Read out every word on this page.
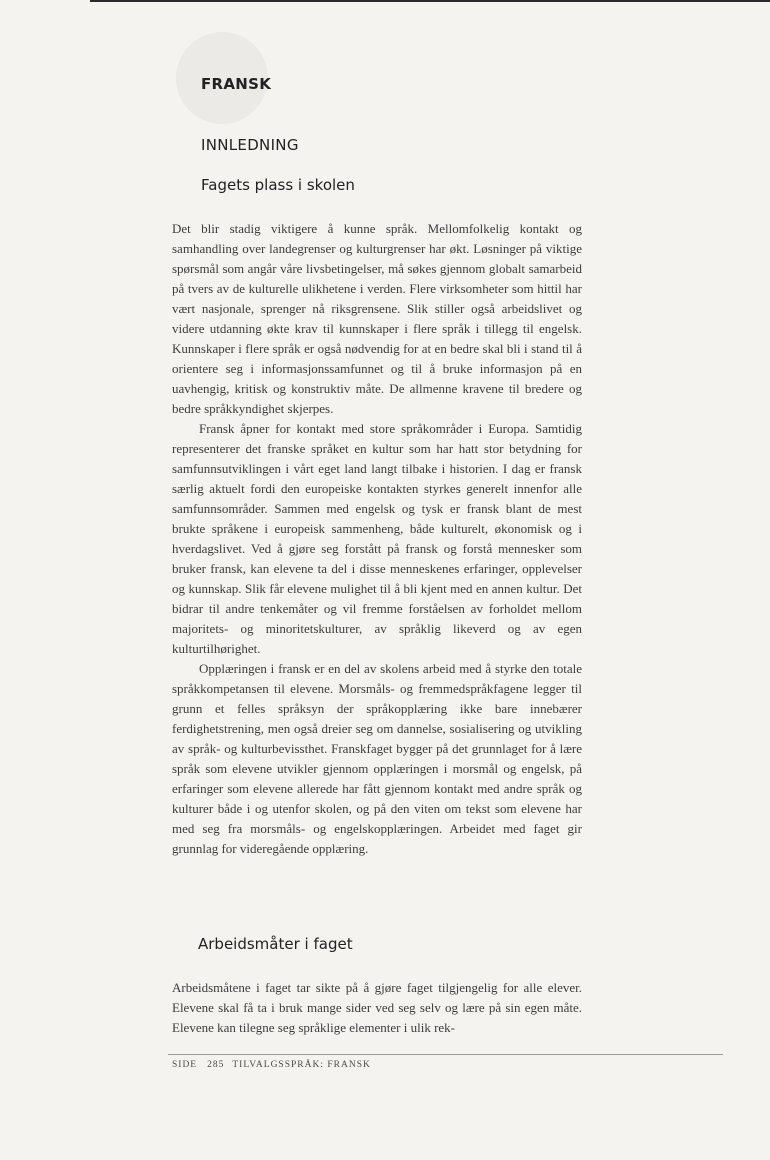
FRANSK
INNLEDNING
Fagets plass i skolen

Det blir stadig viktigere å kunne språk. Mellomfolkelig kontakt og samhandling over landegrenser og kulturgrenser har økt. Løsninger på viktige spørsmål som angår våre livsbetingelser, må søkes gjennom globalt samarbeid på tvers av de kulturelle ulikhetene i verden. Flere virksomheter som hittil har vært nasjonale, sprenger nå riksgrensene. Slik stiller også arbeidslivet og videre utdanning økte krav til kunnskaper i flere språk i tillegg til engelsk. Kunnskaper i flere språk er også nødvendig for at en bedre skal bli i stand til å orientere seg i informasjonssamfunnet og til å bruke informasjon på en uavhengig, kritisk og konstruktiv måte. De allmenne kravene til bredere og bedre språkkyndighet skjerpes.

Fransk åpner for kontakt med store språkområder i Europa. Samtidig representerer det franske språket en kultur som har hatt stor betydning for samfunnsutviklingen i vårt eget land langt tilbake i historien. I dag er fransk særlig aktuelt fordi den europeiske kontakten styrkes generelt innenfor alle samfunnsområder. Sammen med engelsk og tysk er fransk blant de mest brukte språkene i europeisk sammenheng, både kulturelt, økonomisk og i hverdagslivet. Ved å gjøre seg forstått på fransk og forstå mennesker som bruker fransk, kan elevene ta del i disse menneskenes erfaringer, opplevelser og kunnskap. Slik får elevene mulighet til å bli kjent med en annen kultur. Det bidrar til andre tenkemåter og vil fremme forståelsen av forholdet mellom majoritets- og minoritetskulturer, av språklig likeverd og av egen kulturtilhørighet.

Opplæringen i fransk er en del av skolens arbeid med å styrke den totale språkkompetansen til elevene. Morsmåls- og fremmedspråkfagene legger til grunn et felles språksyn der språkopplæring ikke bare innebærer ferdighetstrening, men også dreier seg om dannelse, sosialisering og utvikling av språk- og kulturbevissthet. Franskfaget bygger på det grunnlaget for å lære språk som elevene utvikler gjennom opplæringen i morsmål og engelsk, på erfaringer som elevene allerede har fått gjennom kontakt med andre språk og kulturer både i og utenfor skolen, og på den viten om tekst som elevene har med seg fra morsmåls- og engelskopplæringen. Arbeidet med faget gir grunnlag for videregående opplæring.

Arbeidsmåter i faget

Arbeidsmåtene i faget tar sikte på å gjøre faget tilgjengelig for alle elever. Elevene skal få ta i bruk mange sider ved seg selv og lære på sin egen måte. Elevene kan tilegne seg språklige elementer i ulik rek-

SIDE 285 TILVALGSSPRÅK: FRANSK
